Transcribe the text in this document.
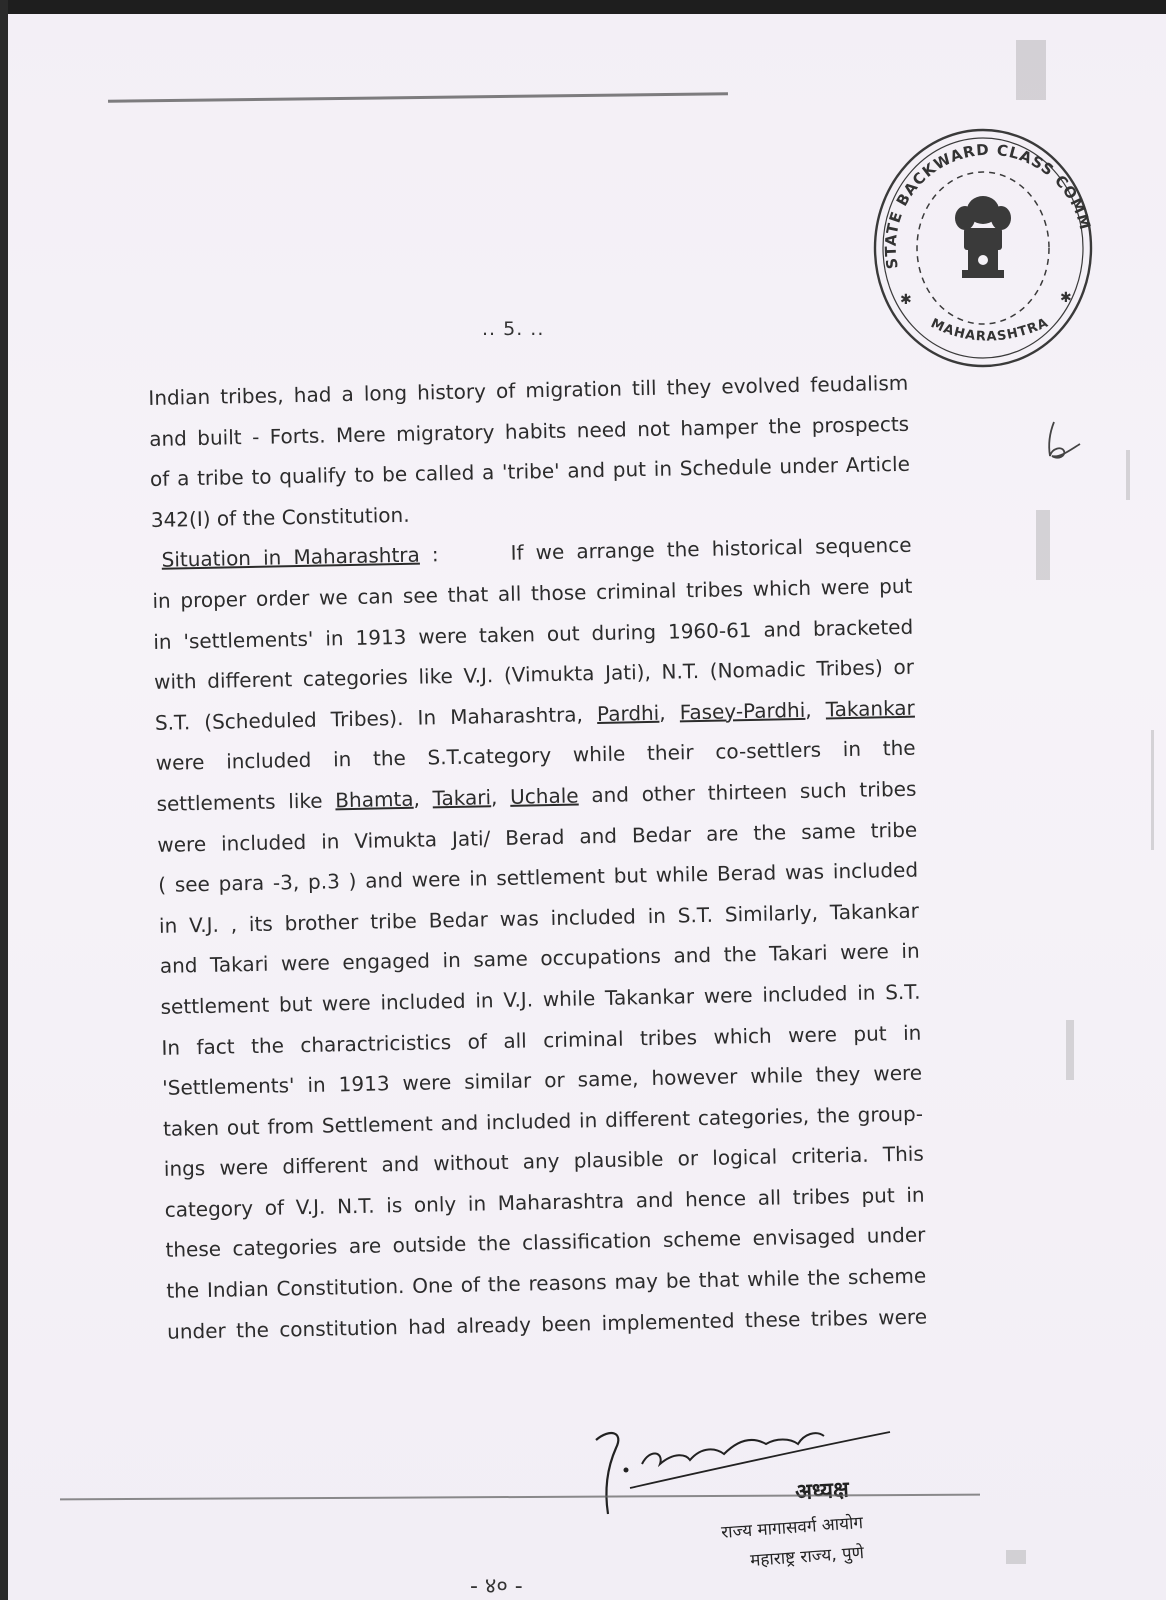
STATE BACKWARD CLASS COMM
MAHARASHTRA
✱	✱
.. 5. ..
b
Indian tribes, had a long history of migration till they evolved feudalism
and built - Forts. Mere migratory habits need not hamper the prospects
of a tribe to qualify to be called a 'tribe' and put in Schedule under Article
342(I) of the Constitution.
Situation in Maharashtra :	If we arrange the historical sequence
in proper order we can see that all those criminal tribes which were put
in 'settlements' in 1913 were taken out during 1960-61 and bracketed
with different categories like V.J. (Vimukta Jati), N.T. (Nomadic Tribes) or
S.T. (Scheduled Tribes). In Maharashtra, Pardhi, Fasey-Pardhi, Takankar
were included in the S.T.category while their co-settlers in the
settlements like Bhamta, Takari, Uchale and other thirteen such tribes
were included in Vimukta Jati/ Berad and Bedar are the same tribe
( see para -3, p.3 ) and were in settlement but while Berad was included
in V.J. , its brother tribe Bedar was included in S.T. Similarly, Takankar
and Takari were engaged in same occupations and the Takari were in
settlement but were included in V.J. while Takankar were included in S.T.
In fact the charactricistics of all criminal tribes which were put in
'Settlements' in 1913 were similar or same, however while they were
taken out from Settlement and included in different categories, the group-
ings were different and without any plausible or logical criteria. This
category of V.J. N.T. is only in Maharashtra and hence all tribes put in
these categories are outside the classification scheme envisaged under
the Indian Constitution. One of the reasons may be that while the scheme
under the constitution had already been implemented these tribes were
अध्यक्ष
राज्य मागासवर्ग आयोग
महाराष्ट्र राज्य, पुणे
- ४० -
